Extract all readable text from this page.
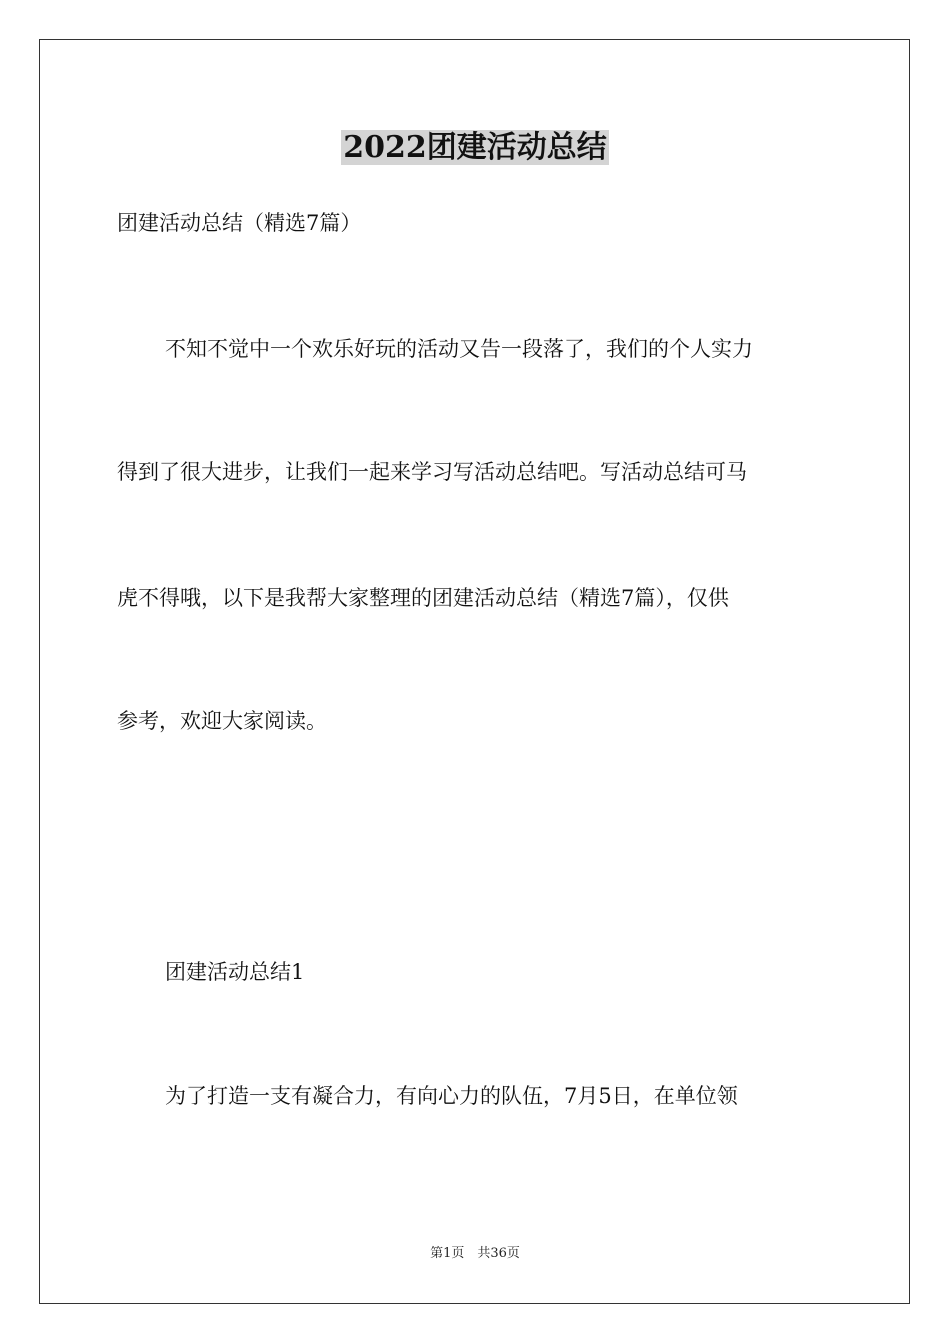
2022团建活动总结
团建活动总结（精选7篇）
不知不觉中一个欢乐好玩的活动又告一段落了，我们的个人实力
得到了很大进步，让我们一起来学习写活动总结吧。写活动总结可马
虎不得哦，以下是我帮大家整理的团建活动总结（精选7篇），仅供
参考，欢迎大家阅读。
团建活动总结1
为了打造一支有凝合力，有向心力的队伍，7月5日，在单位领
第1页　共36页
